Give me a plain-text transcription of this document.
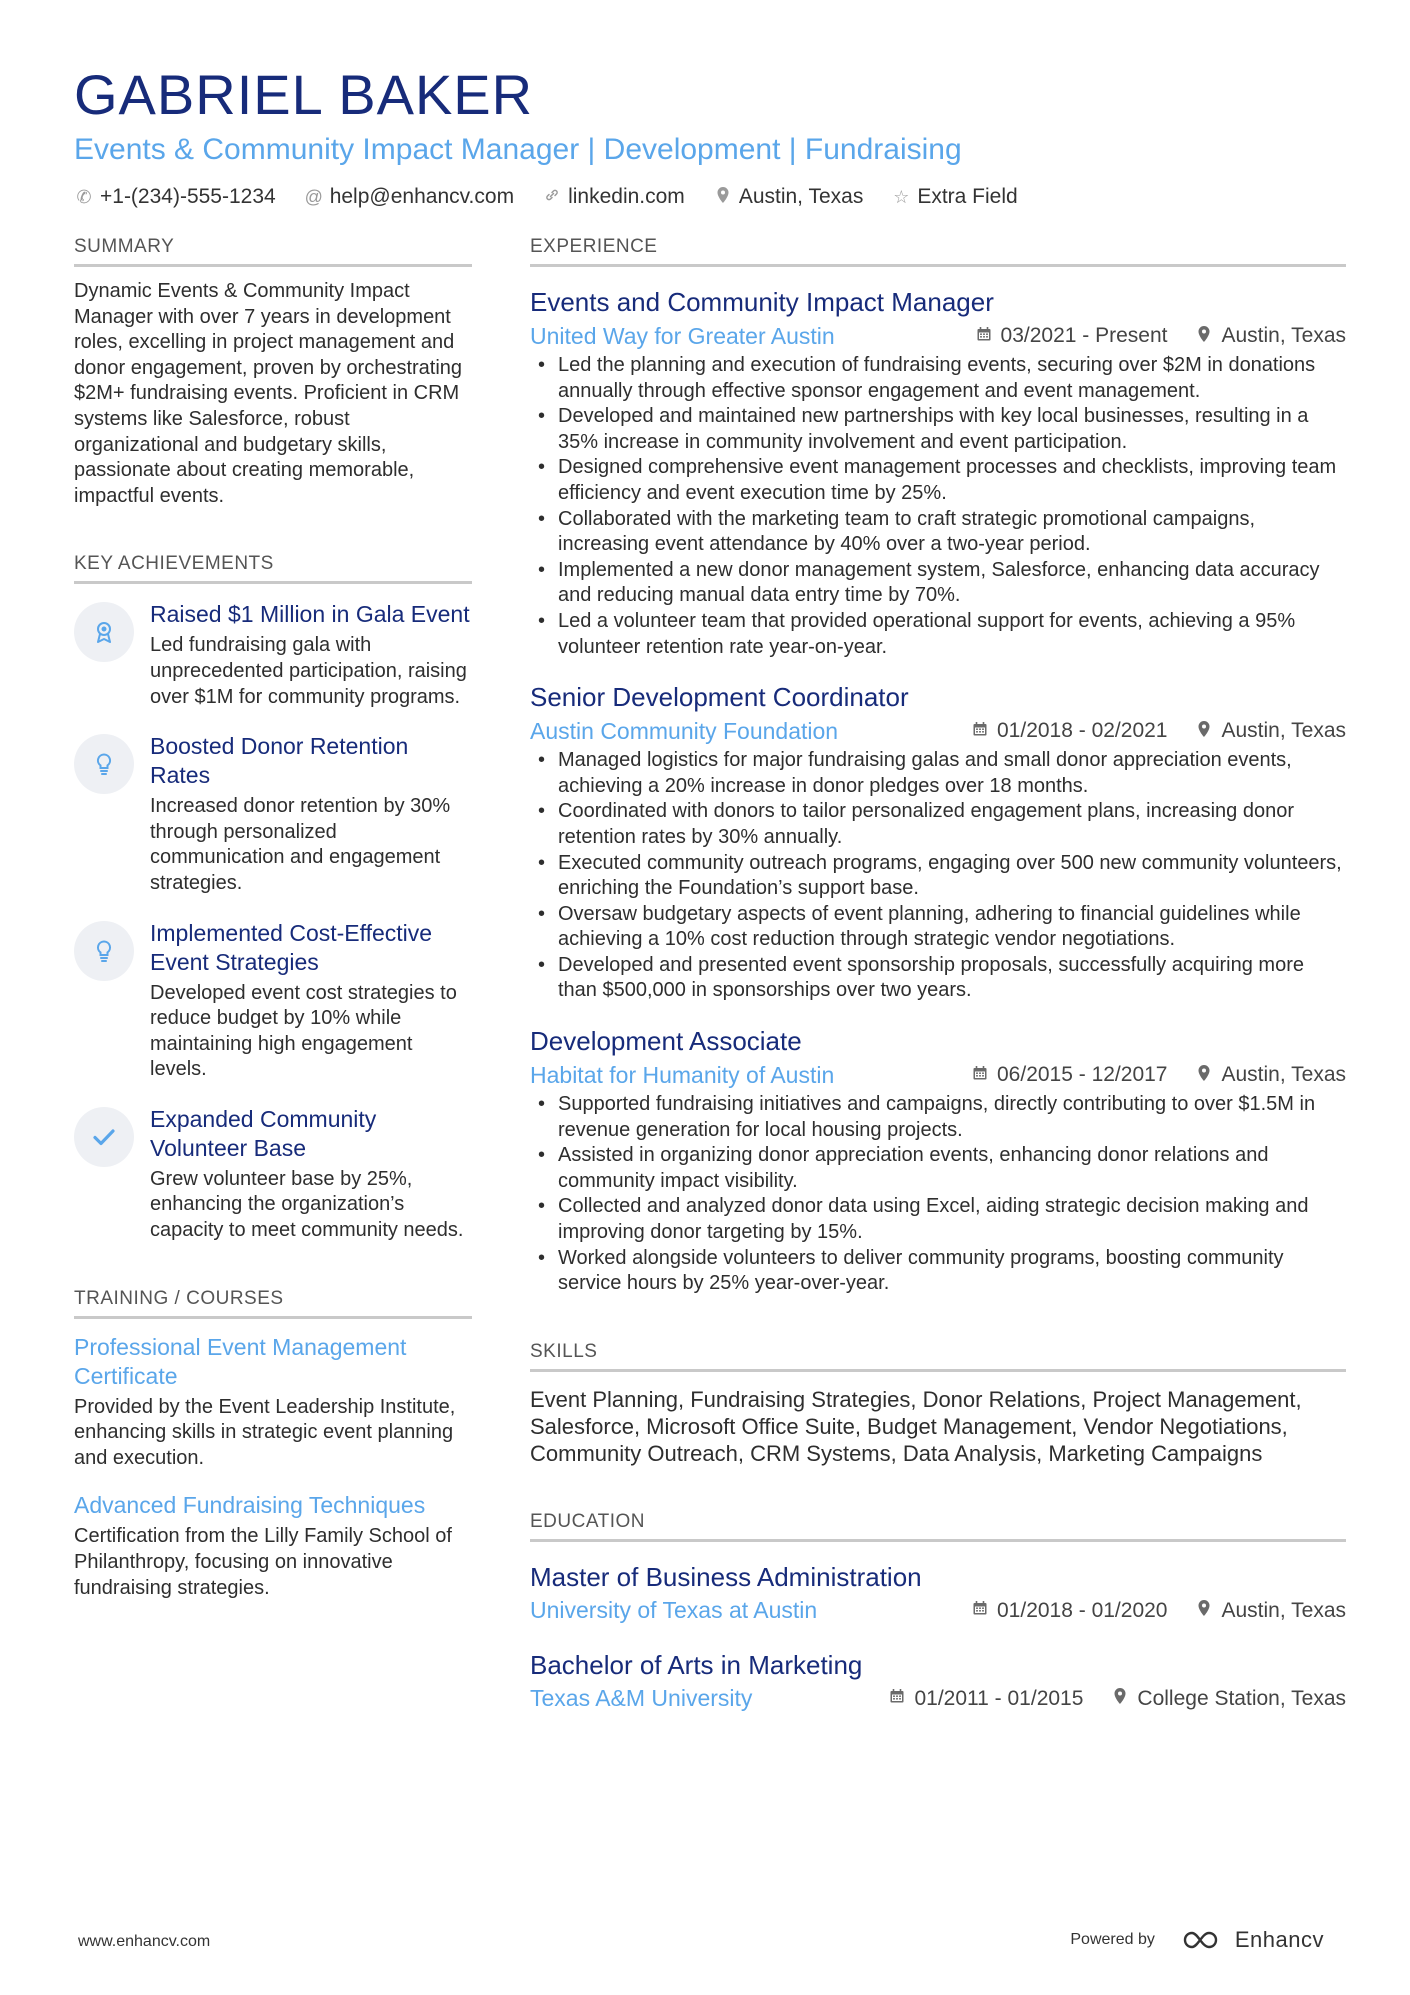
GABRIEL BAKER
Events & Community Impact Manager | Development | Fundraising
✆ +1-(234)-555-1234 @ help@enhancv.com	linkedin.com	Austin, Texas ☆ Extra Field
SUMMARY
Dynamic Events & Community Impact Manager with over 7 years in development roles, excelling in project management and donor engagement, proven by orchestrating $2M+ fundraising events. Proficient in CRM systems like Salesforce, robust organizational and budgetary skills, passionate about creating memorable, impactful events.
KEY ACHIEVEMENTS
Raised $1 Million in Gala Event
Led fundraising gala with unprecedented participation, raising over $1M for community programs.
Boosted Donor Retention Rates
Increased donor retention by 30% through personalized communication and engagement strategies.
Implemented Cost-Effective Event Strategies
Developed event cost strategies to reduce budget by 10% while maintaining high engagement levels.
Expanded Community Volunteer Base
Grew volunteer base by 25%, enhancing the organization’s capacity to meet community needs.
TRAINING / COURSES
Professional Event Management Certificate
Provided by the Event Leadership Institute, enhancing skills in strategic event planning and execution.
Advanced Fundraising Techniques
Certification from the Lilly Family School of Philanthropy, focusing on innovative fundraising strategies.
EXPERIENCE
Events and Community Impact Manager
United Way for Greater Austin	03/2021 - Present	Austin, Texas
• Led the planning and execution of fundraising events, securing over $2M in donations annually through effective sponsor engagement and event management.
• Developed and maintained new partnerships with key local businesses, resulting in a 35% increase in community involvement and event participation.
• Designed comprehensive event management processes and checklists, improving team efficiency and event execution time by 25%.
• Collaborated with the marketing team to craft strategic promotional campaigns, increasing event attendance by 40% over a two-year period.
• Implemented a new donor management system, Salesforce, enhancing data accuracy and reducing manual data entry time by 70%.
• Led a volunteer team that provided operational support for events, achieving a 95% volunteer retention rate year-on-year.
Senior Development Coordinator
Austin Community Foundation	01/2018 - 02/2021	Austin, Texas
• Managed logistics for major fundraising galas and small donor appreciation events, achieving a 20% increase in donor pledges over 18 months.
• Coordinated with donors to tailor personalized engagement plans, increasing donor retention rates by 30% annually.
• Executed community outreach programs, engaging over 500 new community volunteers, enriching the Foundation’s support base.
• Oversaw budgetary aspects of event planning, adhering to financial guidelines while achieving a 10% cost reduction through strategic vendor negotiations.
• Developed and presented event sponsorship proposals, successfully acquiring more than $500,000 in sponsorships over two years.
Development Associate
Habitat for Humanity of Austin	06/2015 - 12/2017	Austin, Texas
• Supported fundraising initiatives and campaigns, directly contributing to over $1.5M in revenue generation for local housing projects.
• Assisted in organizing donor appreciation events, enhancing donor relations and community impact visibility.
• Collected and analyzed donor data using Excel, aiding strategic decision making and improving donor targeting by 15%.
• Worked alongside volunteers to deliver community programs, boosting community service hours by 25% year-over-year.
SKILLS
Event Planning, Fundraising Strategies, Donor Relations, Project Management, Salesforce, Microsoft Office Suite, Budget Management, Vendor Negotiations, Community Outreach, CRM Systems, Data Analysis, Marketing Campaigns
EDUCATION
Master of Business Administration
University of Texas at Austin	01/2018 - 01/2020	Austin, Texas
Bachelor of Arts in Marketing
Texas A&M University	01/2011 - 01/2015	College Station, Texas
www.enhancv.com	Powered by	Enhancv
